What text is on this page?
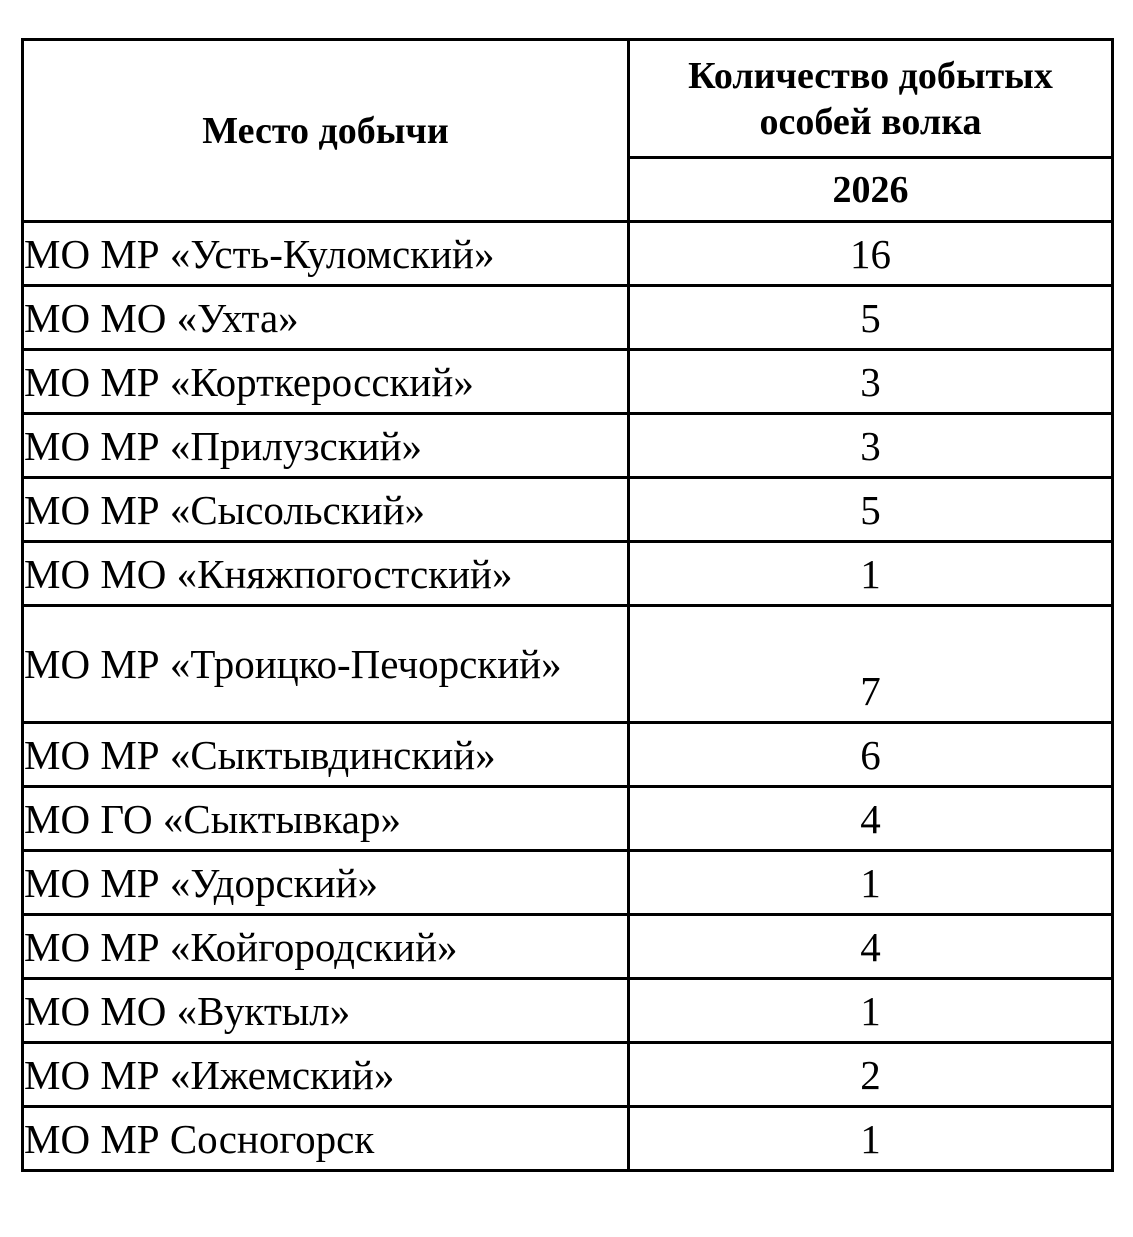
Место добычи	Количество добытых особей волка
	2026
МО МР «Усть-Куломский»	16
МО МО «Ухта»	5
МО МР «Корткеросский»	3
МО МР «Прилузский»	3
МО МР «Сысольский»	5
МО МО «Княжпогостский»	1
МО МР «Троицко-Печорский»	7
МО МР «Сыктывдинский»	6
МО ГО «Сыктывкар»	4
МО МР «Удорский»	1
МО МР «Койгородский»	4
МО МО «Вуктыл»	1
МО МР «Ижемский»	2
МО МР Сосногорск	1
